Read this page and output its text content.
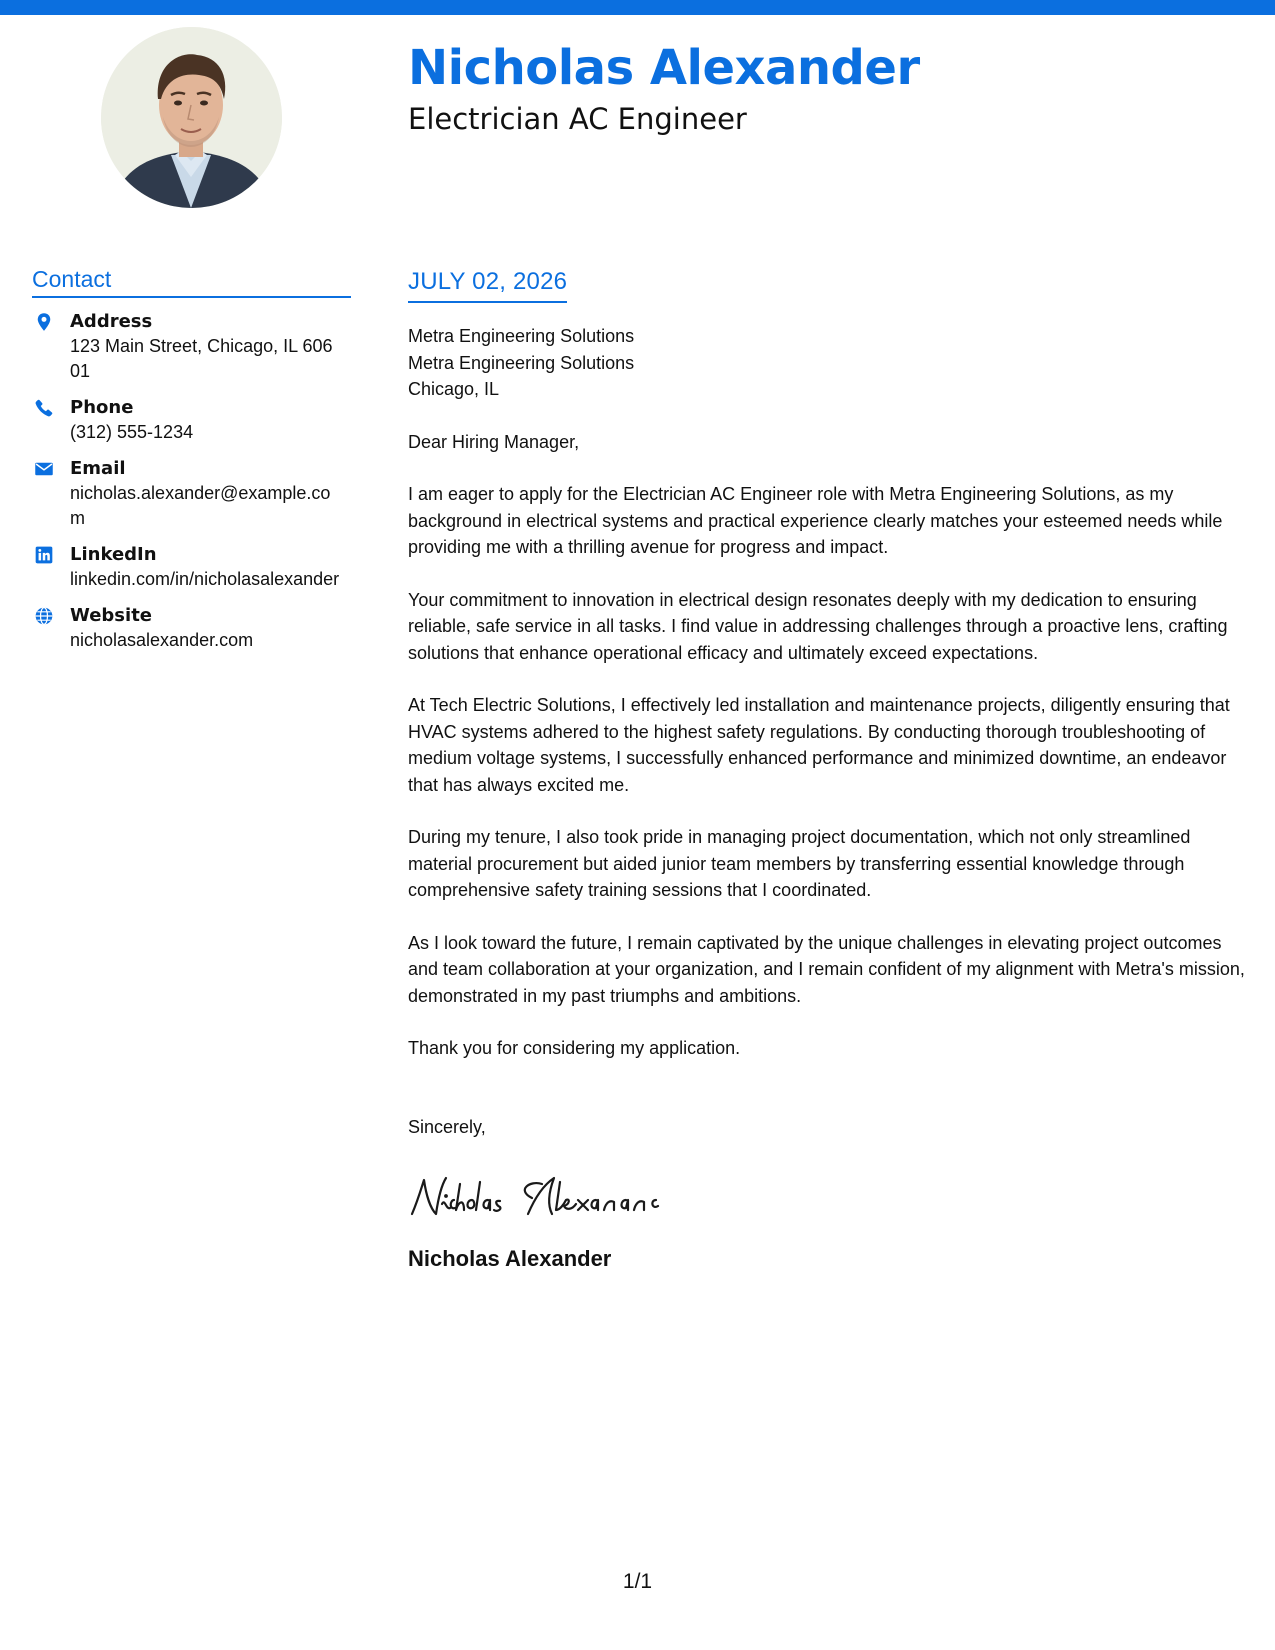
Nicholas Alexander
Electrician AC Engineer
Contact
Address
123 Main Street, Chicago, IL 60601
Phone
(312) 555-1234
Email
nicholas.alexander@example.com
LinkedIn
linkedin.com/in/nicholasalexander
Website
nicholasalexander.com
JULY 02, 2026
Metra Engineering Solutions
Metra Engineering Solutions
Chicago, IL
Dear Hiring Manager,
I am eager to apply for the Electrician AC Engineer role with Metra Engineering Solutions, as my background in electrical systems and practical experience clearly matches your esteemed needs while providing me with a thrilling avenue for progress and impact.
Your commitment to innovation in electrical design resonates deeply with my dedication to ensuring reliable, safe service in all tasks. I find value in addressing challenges through a proactive lens, crafting solutions that enhance operational efficacy and ultimately exceed expectations.
At Tech Electric Solutions, I effectively led installation and maintenance projects, diligently ensuring that HVAC systems adhered to the highest safety regulations. By conducting thorough troubleshooting of medium voltage systems, I successfully enhanced performance and minimized downtime, an endeavor that has always excited me.
During my tenure, I also took pride in managing project documentation, which not only streamlined material procurement but aided junior team members by transferring essential knowledge through comprehensive safety training sessions that I coordinated.
As I look toward the future, I remain captivated by the unique challenges in elevating project outcomes and team collaboration at your organization, and I remain confident of my alignment with Metra's mission, demonstrated in my past triumphs and ambitions.
Thank you for considering my application.
Sincerely,
Nicholas Alexander
1/1
